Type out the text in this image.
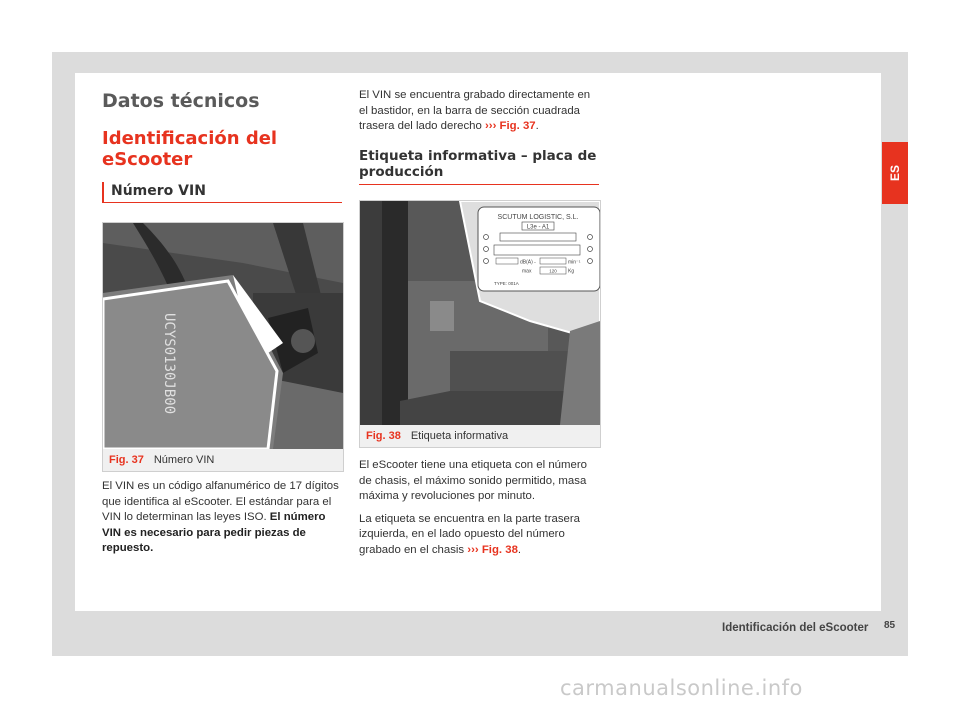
ES
Datos técnicos
Identificación del eScooter
Número VIN
UCYS0130JB00
Fig. 37 Número VIN

El VIN es un código alfanumérico de 17 dígitos que identifica al eScooter. El estándar para el VIN lo determinan las leyes ISO. El número VIN es necesario para pedir piezas de repuesto.

El VIN se encuentra grabado directamente en el bastidor, en la barra de sección cuadrada trasera del lado derecho ››› Fig. 37.

Etiqueta informativa – placa de producción
SCUTUM LOGISTIC, S.L.
L3e - A1
dB(A) -	min⁻¹
max	120 Kg
TYPE: 001A
Fig. 38 Etiqueta informativa

El eScooter tiene una etiqueta con el número de chasis, el máximo sonido permitido, masa máxima y revoluciones por minuto.

La etiqueta se encuentra en la parte trasera izquierda, en el lado opuesto del número grabado en el chasis ››› Fig. 38.

Identificación del eScooter 85
carmanualsonline.info
